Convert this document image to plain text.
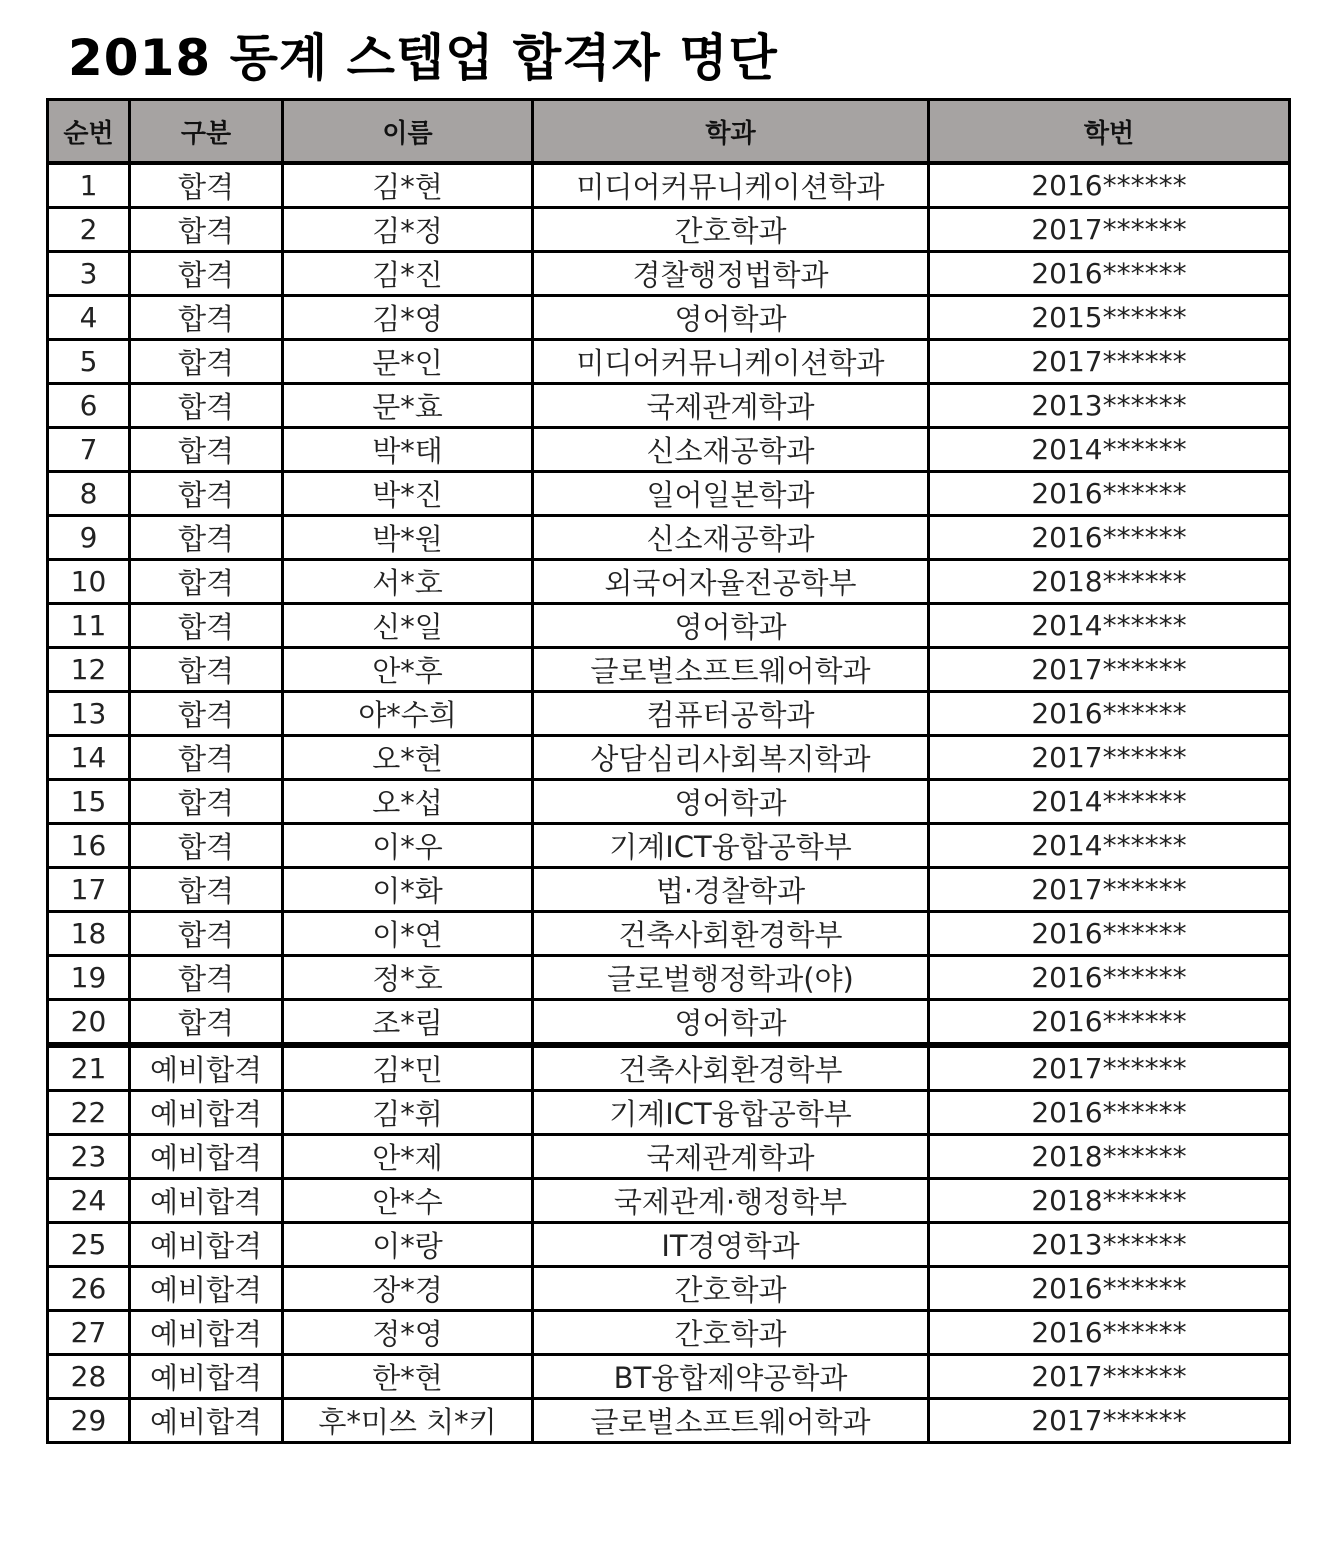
2018 동계 스텝업 합격자 명단
순번	구분	이름	학과	학번
1	합격	김*현	미디어커뮤니케이션학과	2016******
2	합격	김*정	간호학과	2017******
3	합격	김*진	경찰행정법학과	2016******
4	합격	김*영	영어학과	2015******
5	합격	문*인	미디어커뮤니케이션학과	2017******
6	합격	문*효	국제관계학과	2013******
7	합격	박*태	신소재공학과	2014******
8	합격	박*진	일어일본학과	2016******
9	합격	박*원	신소재공학과	2016******
10	합격	서*호	외국어자율전공학부	2018******
11	합격	신*일	영어학과	2014******
12	합격	안*후	글로벌소프트웨어학과	2017******
13	합격	야*수희	컴퓨터공학과	2016******
14	합격	오*현	상담심리사회복지학과	2017******
15	합격	오*섭	영어학과	2014******
16	합격	이*우	기계ICT융합공학부	2014******
17	합격	이*화	법·경찰학과	2017******
18	합격	이*연	건축사회환경학부	2016******
19	합격	정*호	글로벌행정학과(야)	2016******
20	합격	조*림	영어학과	2016******
21	예비합격	김*민	건축사회환경학부	2017******
22	예비합격	김*휘	기계ICT융합공학부	2016******
23	예비합격	안*제	국제관계학과	2018******
24	예비합격	안*수	국제관계·행정학부	2018******
25	예비합격	이*랑	IT경영학과	2013******
26	예비합격	장*경	간호학과	2016******
27	예비합격	정*영	간호학과	2016******
28	예비합격	한*현	BT융합제약공학과	2017******
29	예비합격	후*미쓰 치*키	글로벌소프트웨어학과	2017******
